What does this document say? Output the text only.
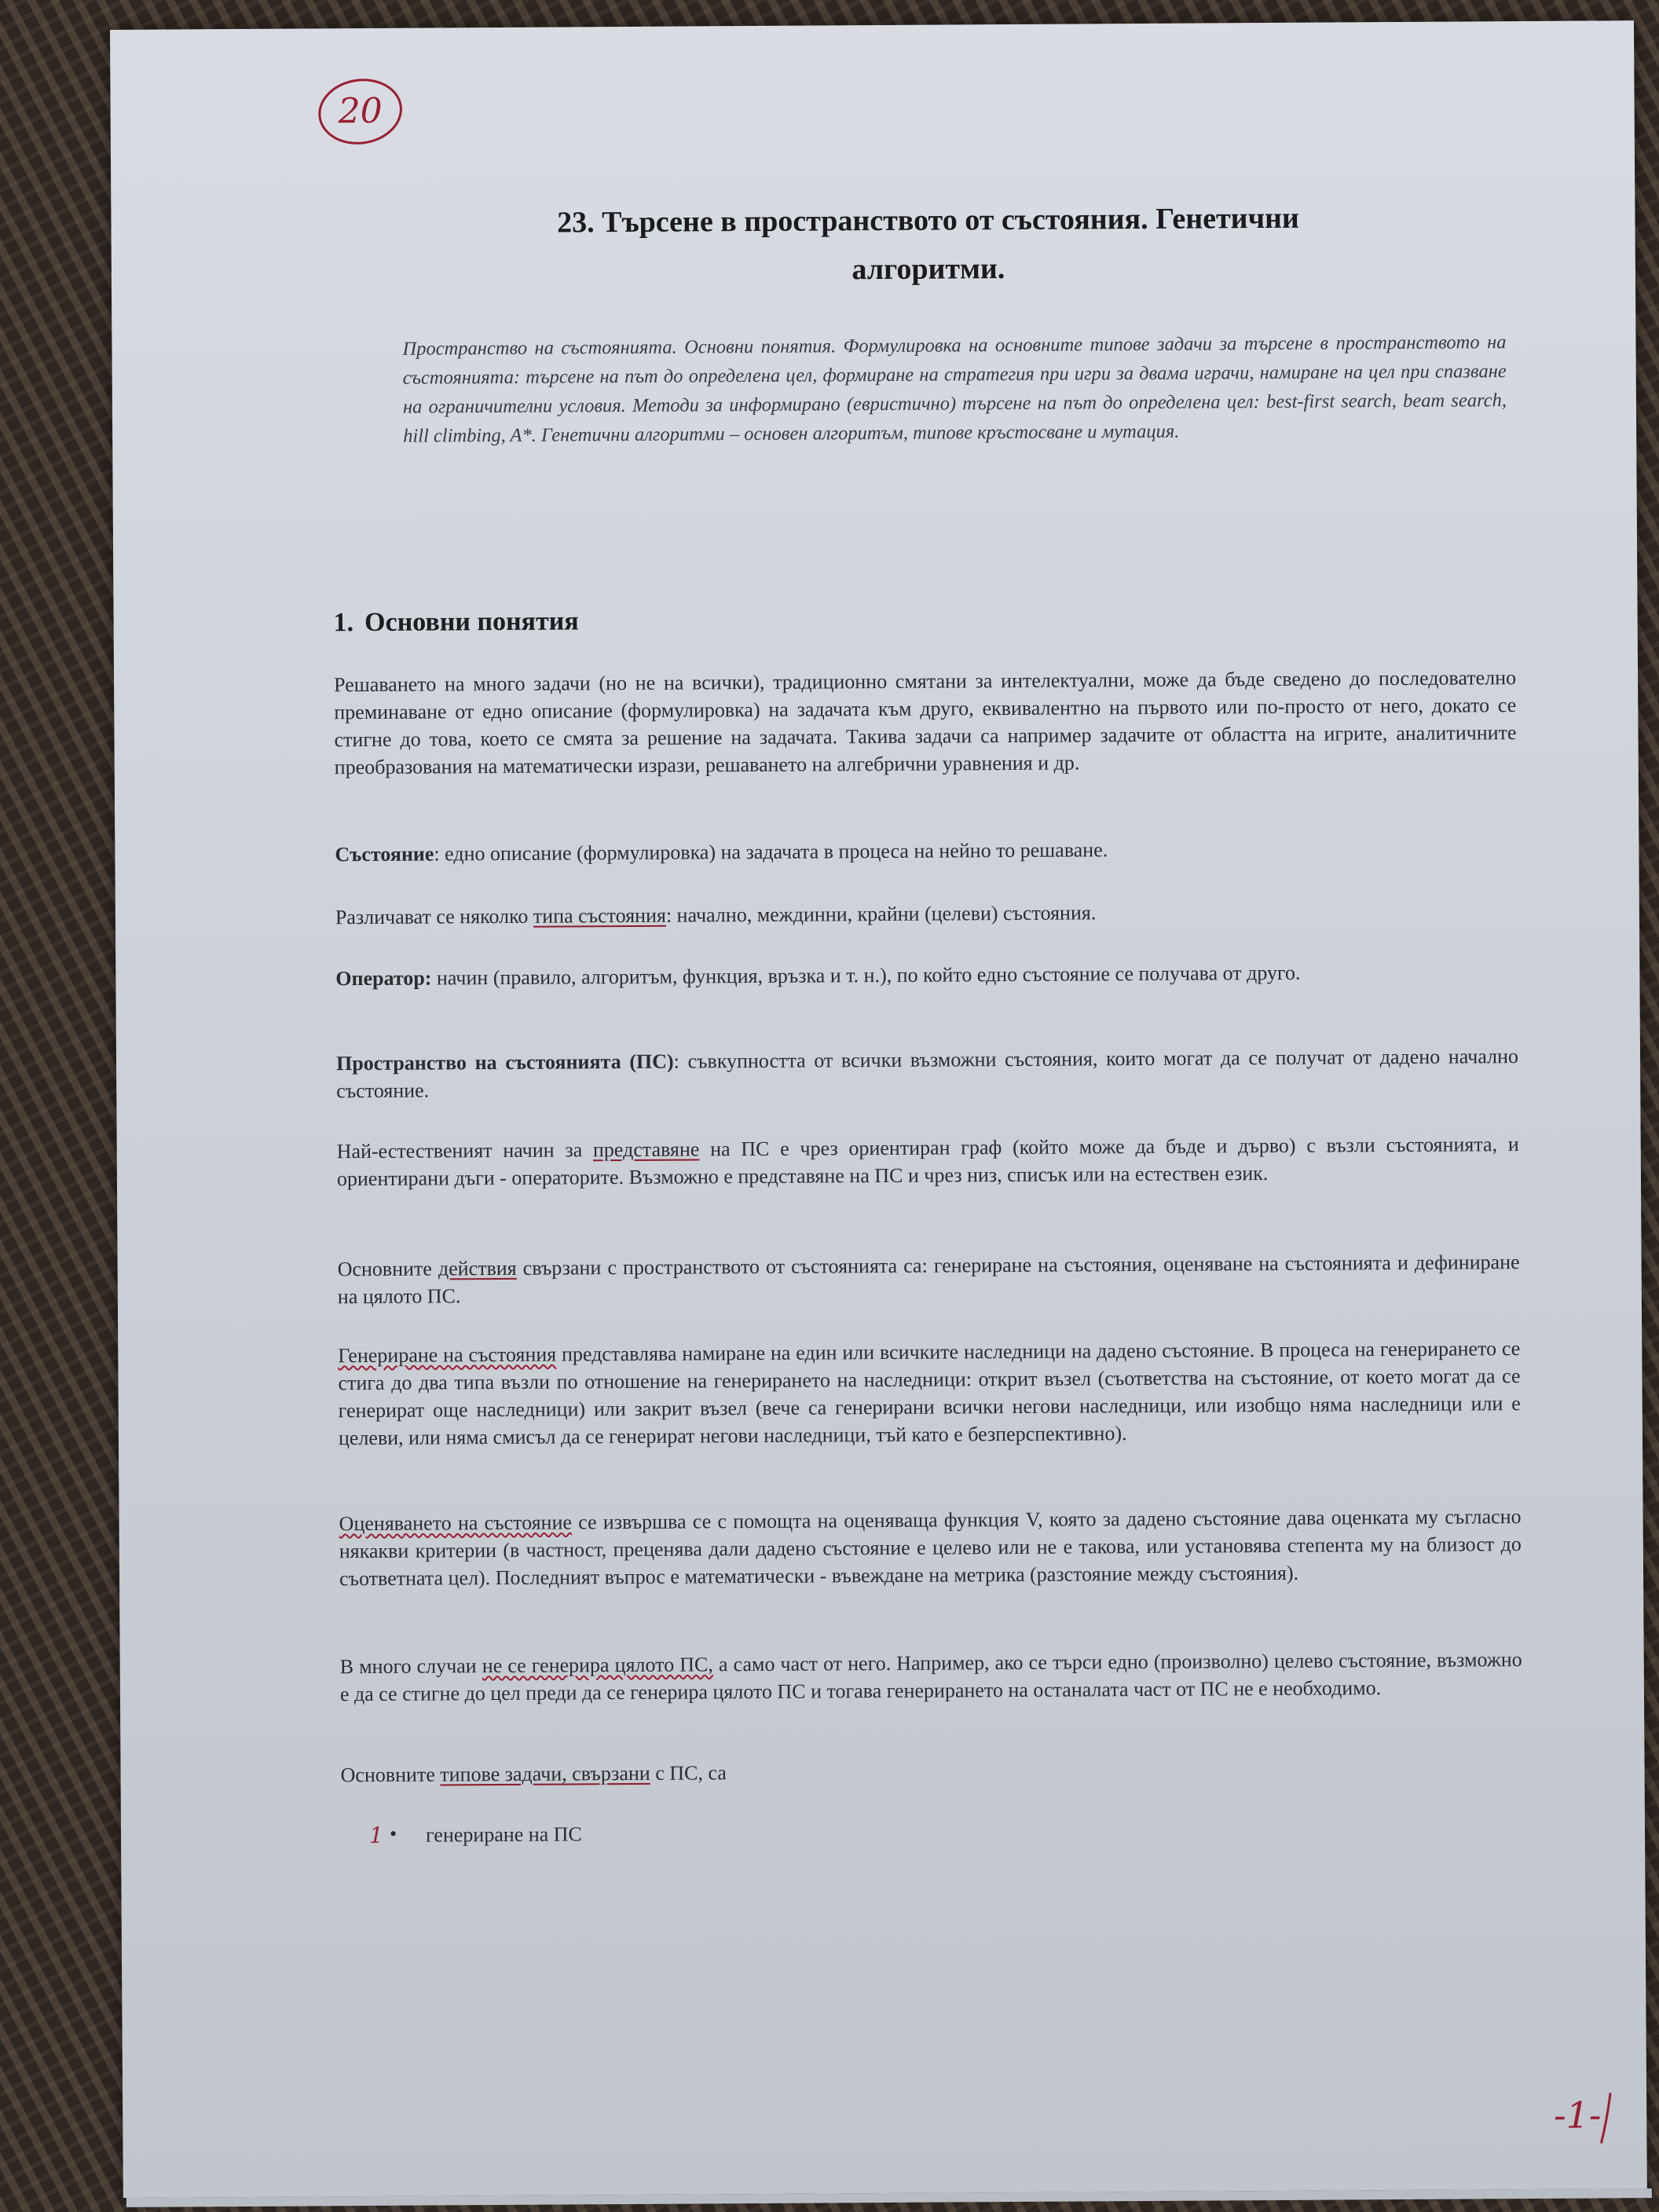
20
23. Търсене в пространството от състояния. Генетични
алгоритми.
Пространство на състоянията. Основни понятия. Формулировка на основните типове задачи за търсене в пространството на състоянията: търсене на път до определена цел, формиране на стратегия при игри за двама играчи, намиране на цел при спазване на ограничителни условия. Методи за информирано (евристично) търсене на път до определена цел: best-first search, beam search, hill climbing, A*. Генетични алгоритми – основен алгоритъм, типове кръстосване и мутация.
1. Основни понятия
Решаването на много задачи (но не на всички), традиционно смятани за интелектуални, може да бъде сведено до последователно преминаване от едно описание (формулировка) на задачата към друго, еквивалентно на първото или по-просто от него, докато се стигне до това, което се смята за решение на задачата. Такива задачи са например задачите от областта на игрите, аналитичните преобразования на математически изрази, решаването на алгебрични уравнения и др.
Състояние: едно описание (формулировка) на задачата в процеса на нейно то решаване.
Различават се няколко типа състояния: начално, междинни, крайни (целеви) състояния.
Оператор: начин (правило, алгоритъм, функция, връзка и т. н.), по който едно състояние се получава от друго.
Пространство на състоянията (ПС): съвкупността от всички възможни състояния, които могат да се получат от дадено начално състояние.
Най-естественият начин за представяне на ПС е чрез ориентиран граф (който може да бъде и дърво) с възли състоянията, и ориентирани дъги - операторите. Възможно е представяне на ПС и чрез низ, списък или на естествен език.
Основните действия свързани с пространството от състоянията са: генериране на състояния, оценяване на състоянията и дефиниране на цялото ПС.
Генериране на състояния представлява намиране на един или всичките наследници на дадено състояние. В процеса на генерирането се стига до два типа възли по отношение на генерирането на наследници: открит възел (съответства на състояние, от което могат да се генерират още наследници) или закрит възел (вече са генерирани всички негови наследници, или изобщо няма наследници или е целеви, или няма смисъл да се генерират негови наследници, тъй като е безперспективно).
Оценяването на състояние се извършва се с помощта на оценяваща функция V, която за дадено състояние дава оценката му съгласно някакви критерии (в частност, преценява дали дадено състояние е целево или не е такова, или установява степента му на близост до съответната цел). Последният въпрос е математически - въвеждане на метрика (разстояние между състояния).
В много случаи не се генерира цялото ПС, а само част от него. Например, ако се търси едно (произволно) целево състояние, възможно е да се стигне до цел преди да се генерира цялото ПС и тогава генерирането на останалата част от ПС не е необходимо.
Основните типове задачи, свързани с ПС, са
1 • генериране на ПС
-1-
